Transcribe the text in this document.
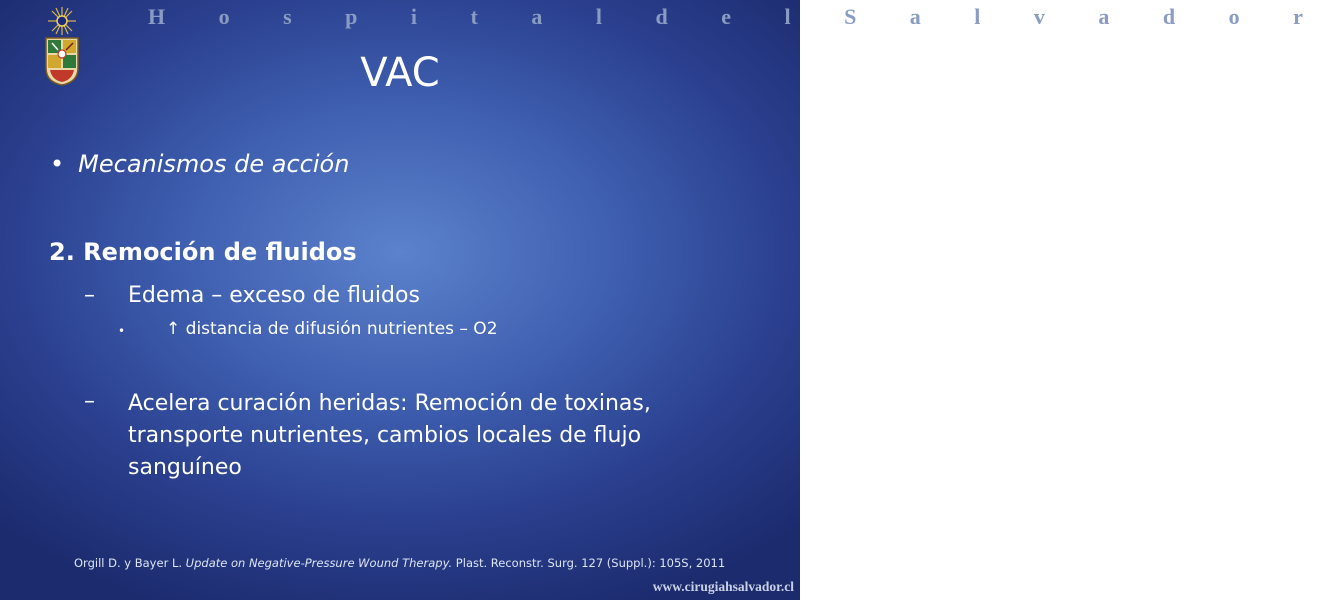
H o s p i t a l d e l S a l v a d o r
VAC
• Mecanismos de acción
2. Remoción de fluidos
– Edema – exceso de fluidos
• ↑ distancia de difusión nutrientes – O2
– Acelera curación heridas: Remoción de toxinas, transporte nutrientes, cambios locales de flujo sanguíneo
Orgill D. y Bayer L. Update on Negative-Pressure Wound Therapy. Plast. Reconstr. Surg. 127 (Suppl.): 105S, 2011
www.cirugiahsalvador.cl
